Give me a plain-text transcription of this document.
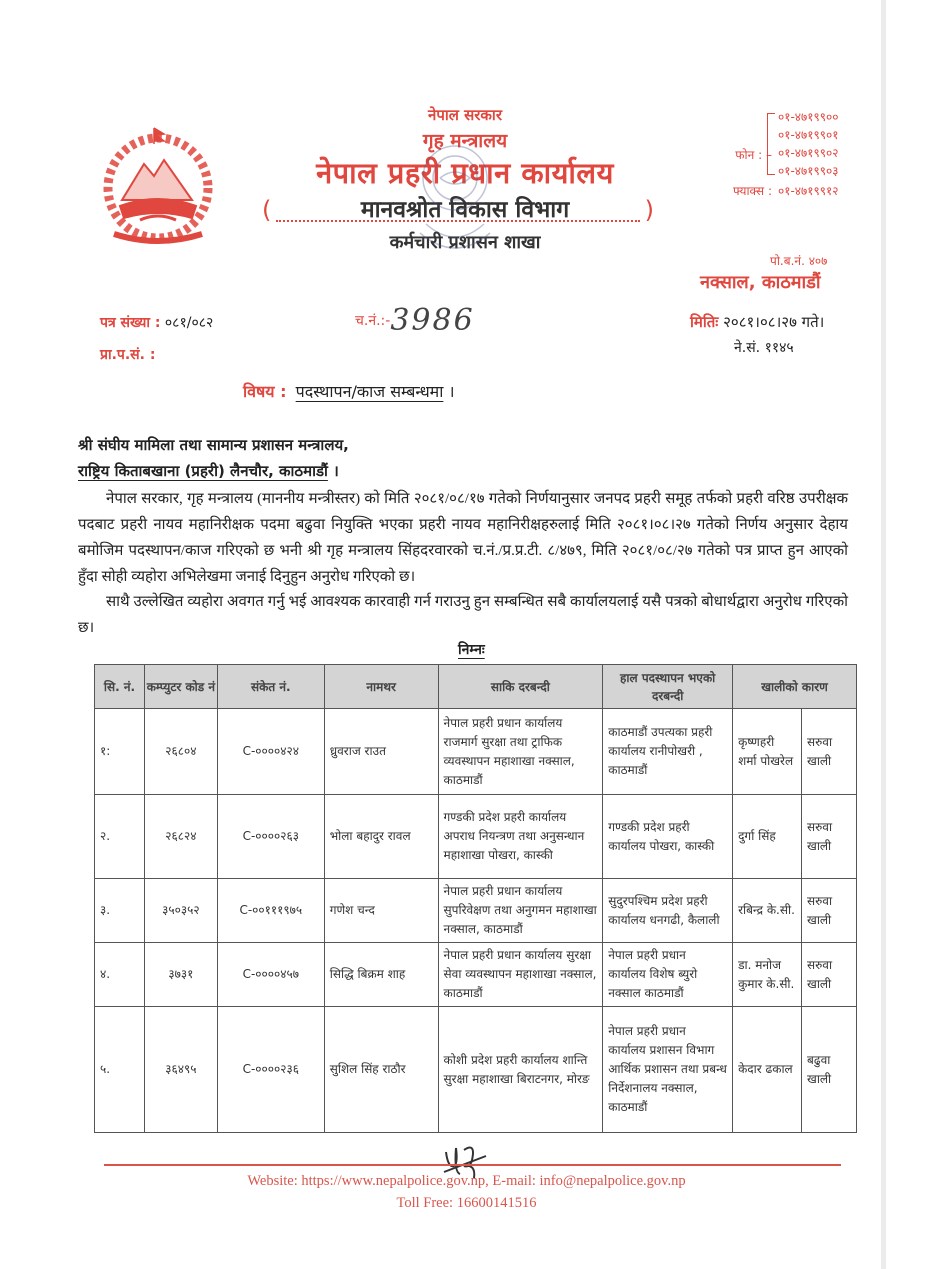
नेपाल सरकार
गृह मन्त्रालय
नेपाल प्रहरी प्रधान कार्यालय
(	मानवश्रोत विकास विभाग	)
कर्मचारी प्रशासन शाखा
फोन : –
०१-४७१९९००
०१-४७१९९०१
०१-४७१९९०२
०१-४७१९९०३
फ्याक्स : ०१-४७१९९१२
पो.ब.नं. ४०७
नक्साल, काठमाडौं
पत्र संख्या : ०८१/०८२
प्रा.प.सं. :
च.नं.:- 3986	मितिः २०८१।०८।२७ गते।
ने.सं. ११४५
विषय : पदस्थापन/काज सम्बन्धमा ।
श्री संघीय मामिला तथा सामान्य प्रशासन मन्त्रालय,
राष्ट्रिय किताबखाना (प्रहरी) लैनचौर, काठमाडौं ।
नेपाल सरकार, गृह मन्त्रालय (माननीय मन्त्रीस्तर) को मिति २०८१/०८/१७ गतेको निर्णयानुसार जनपद प्रहरी समूह तर्फको प्रहरी वरिष्ठ उपरीक्षक पदबाट प्रहरी नायव महानिरीक्षक पदमा बढुवा नियुक्ति भएका प्रहरी नायव महानिरीक्षहरुलाई मिति २०८१।०८।२७ गतेको निर्णय अनुसार देहाय बमोजिम पदस्थापन/काज गरिएको छ भनी श्री गृह मन्त्रालय सिंहदरवारको च.नं./प्र.प्र.टी. ८/४७९, मिति २०८१/०८/२७ गतेको पत्र प्राप्त हुन आएको हुँदा सोही व्यहोरा अभिलेखमा जनाई दिनुहुन अनुरोध गरिएको छ।
साथै उल्लेखित व्यहोरा अवगत गर्नु भई आवश्यक कारवाही गर्न गराउनु हुन सम्बन्धित सबै कार्यालयलाई यसै पत्रको बोधार्थद्वारा अनुरोध गरिएको छ।
निम्नः
सि. नं.	कम्प्युटर कोड नं	संकेत नं.	नामथर	साकि दरबन्दी	हाल पदस्थापन भएको दरबन्दी	खालीको कारण	
१:	२६८०४	C-००००४२४	ध्रुवराज राउत	नेपाल प्रहरी प्रधान कार्यालय राजमार्ग सुरक्षा तथा ट्राफिक व्यवस्थापन महाशाखा नक्साल, काठमाडौं	काठमाडौं उपत्यका प्रहरी कार्यालय रानीपोखरी , काठमाडौं	कृष्णहरी शर्मा पोखरेल	सरुवा खाली
२.	२६८२४	C-००००२६३	भोला बहादुर रावल	गण्डकी प्रदेश प्रहरी कार्यालय अपराध नियन्त्रण तथा अनुसन्धान महाशाखा पोखरा, कास्की	गण्डकी प्रदेश प्रहरी कार्यालय पोखरा, कास्की	दुर्गा सिंह	सरुवा खाली
३.	३५०३५२	C-००१११९७५	गणेश चन्द	नेपाल प्रहरी प्रधान कार्यालय सुपरिवेक्षण तथा अनुगमन महाशाखा नक्साल, काठमाडौं	सुदुरपश्चिम प्रदेश प्रहरी कार्यालय धनगढी, कैलाली	रबिन्द्र के.सी.	सरुवा खाली
४.	३७३१	C-००००४५७	सिद्धि बिक्रम शाह	नेपाल प्रहरी प्रधान कार्यालय सुरक्षा सेवा व्यवस्थापन महाशाखा नक्साल, काठमाडौं	नेपाल प्रहरी प्रधान कार्यालय विशेष ब्युरो नक्साल काठमाडौं	डा. मनोज कुमार के.सी.	सरुवा खाली
५.	३६४९५	C-००००२३६	सुशिल सिंह राठौर	कोशी प्रदेश प्रहरी कार्यालय शान्ति सुरक्षा महाशाखा बिराटनगर, मोरङ	नेपाल प्रहरी प्रधान कार्यालय प्रशासन विभाग आर्थिक प्रशासन तथा प्रबन्ध निर्देशनालय नक्साल, काठमाडौं	केदार ढकाल	बढुवा खाली
Website: https://www.nepalpolice.gov.np, E-mail: info@nepalpolice.gov.np
Toll Free: 16600141516
